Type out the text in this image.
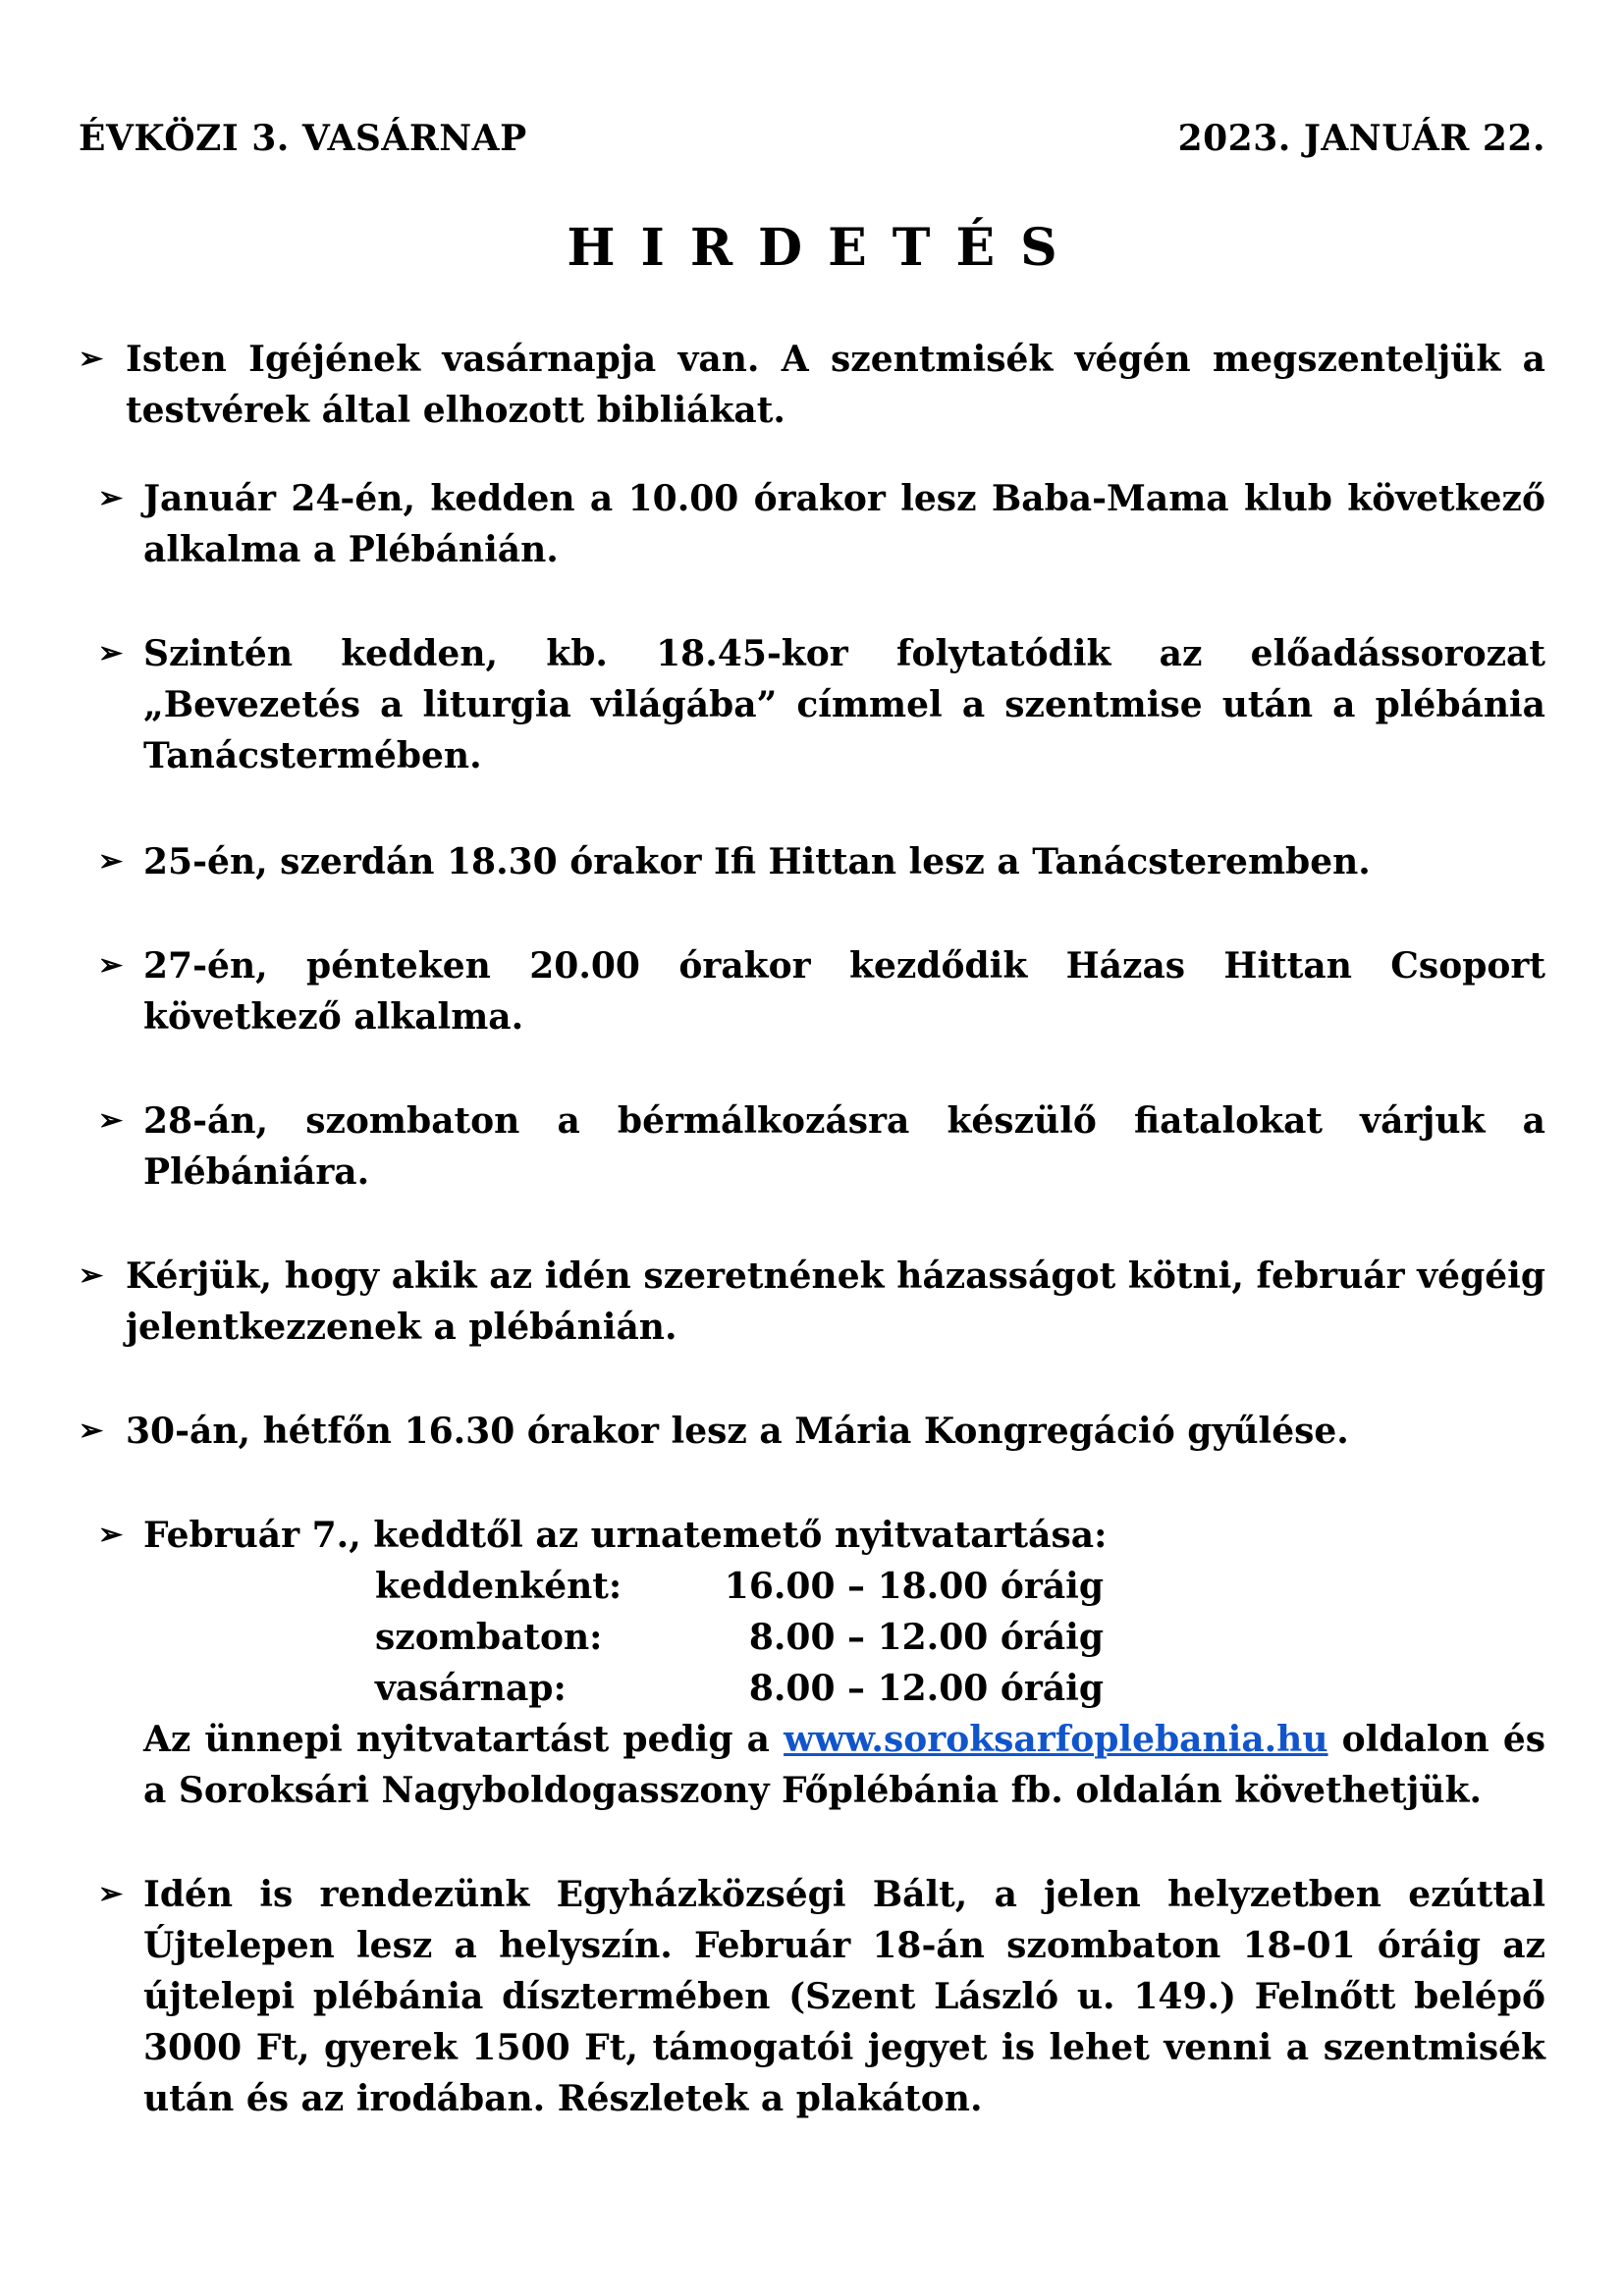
ÉVKÖZI 3. VASÁRNAP	2023. JANUÁR 22.
HIRDETÉS
➢ Isten Igéjének vasárnapja van. A szentmisék végén megszenteljük a

testvérek által elhozott bibliákat.

➢ Január 24-én, kedden a 10.00 órakor lesz Baba-Mama klub következő

alkalma a Plébánián.

➢ Szintén kedden, kb. 18.45-kor folytatódik az előadássorozat

„Bevezetés a liturgia világába” címmel a szentmise után a plébánia

Tanácstermében.

➢ 25-én, szerdán 18.30 órakor Ifi Hittan lesz a Tanácsteremben.

➢ 27-én, pénteken 20.00 órakor kezdődik Házas Hittan Csoport

következő alkalma.

➢ 28-án, szombaton a bérmálkozásra készülő fiatalokat várjuk a

Plébániára.

➢ Kérjük, hogy akik az idén szeretnének házasságot kötni, február végéig

jelentkezzenek a plébánián.

➢ 30-án, hétfőn 16.30 órakor lesz a Mária Kongregáció gyűlése.

➢ Február 7., keddtől az urnatemető nyitvatartása:

keddenként:	16.00 – 18.00 óráig
szombaton:	8.00 – 12.00 óráig
vasárnap:	8.00 – 12.00 óráig

Az ünnepi nyitvatartást pedig a www.soroksarfoplebania.hu oldalon és

a Soroksári Nagyboldogasszony Főplébánia fb. oldalán követhetjük.

➢ Idén is rendezünk Egyházközségi Bált, a jelen helyzetben ezúttal

Újtelepen lesz a helyszín. Február 18-án szombaton 18-01 óráig az

újtelepi plébánia dísztermében (Szent László u. 149.) Felnőtt belépő

3000 Ft, gyerek 1500 Ft, támogatói jegyet is lehet venni a szentmisék

után és az irodában. Részletek a plakáton.
